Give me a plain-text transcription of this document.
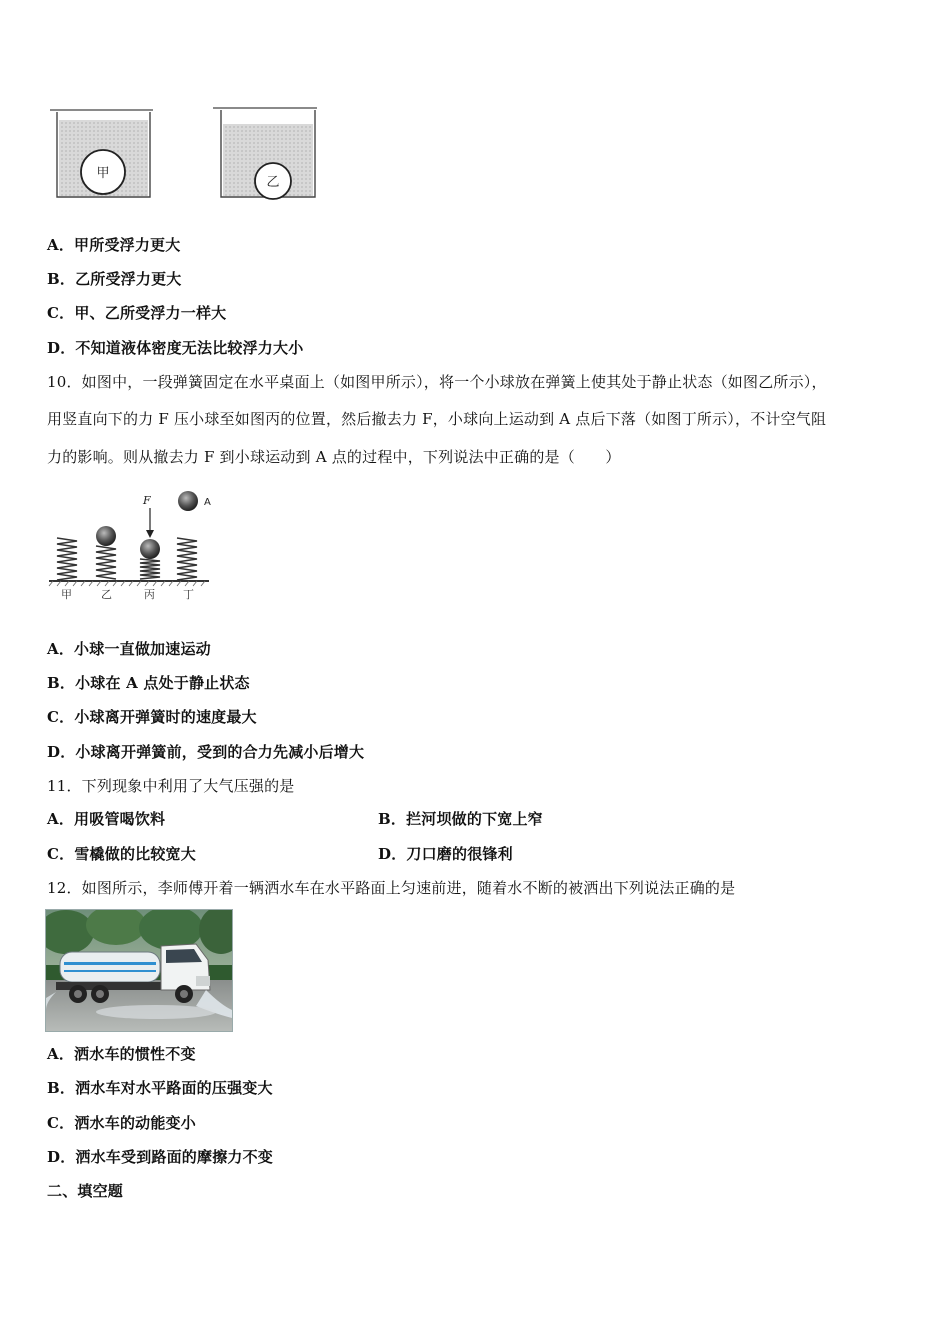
甲
乙
A．甲所受浮力更大
B．乙所受浮力更大
C．甲、乙所受浮力一样大
D．不知道液体密度无法比较浮力大小
10．如图中，一段弹簧固定在水平桌面上（如图甲所示），将一个小球放在弹簧上使其处于静止状态（如图乙所示），
用竖直向下的力 F 压小球至如图丙的位置，然后撤去力 F，小球向上运动到 A 点后下落（如图丁所示），不计空气阻
力的影响。则从撤去力 F 到小球运动到 A 点的过程中，下列说法中正确的是（　　）
F	A
甲	乙	丙	丁
A．小球一直做加速运动
B．小球在 A 点处于静止状态
C．小球离开弹簧时的速度最大
D．小球离开弹簧前，受到的合力先减小后增大
11．下列现象中利用了大气压强的是
A．用吸管喝饮料	B．拦河坝做的下宽上窄
C．雪橇做的比较宽大	D．刀口磨的很锋利
12．如图所示，李师傅开着一辆洒水车在水平路面上匀速前进，随着水不断的被洒出下列说法正确的是
A．洒水车的惯性不变
B．洒水车对水平路面的压强变大
C．洒水车的动能变小
D．洒水车受到路面的摩擦力不变
二、填空题
